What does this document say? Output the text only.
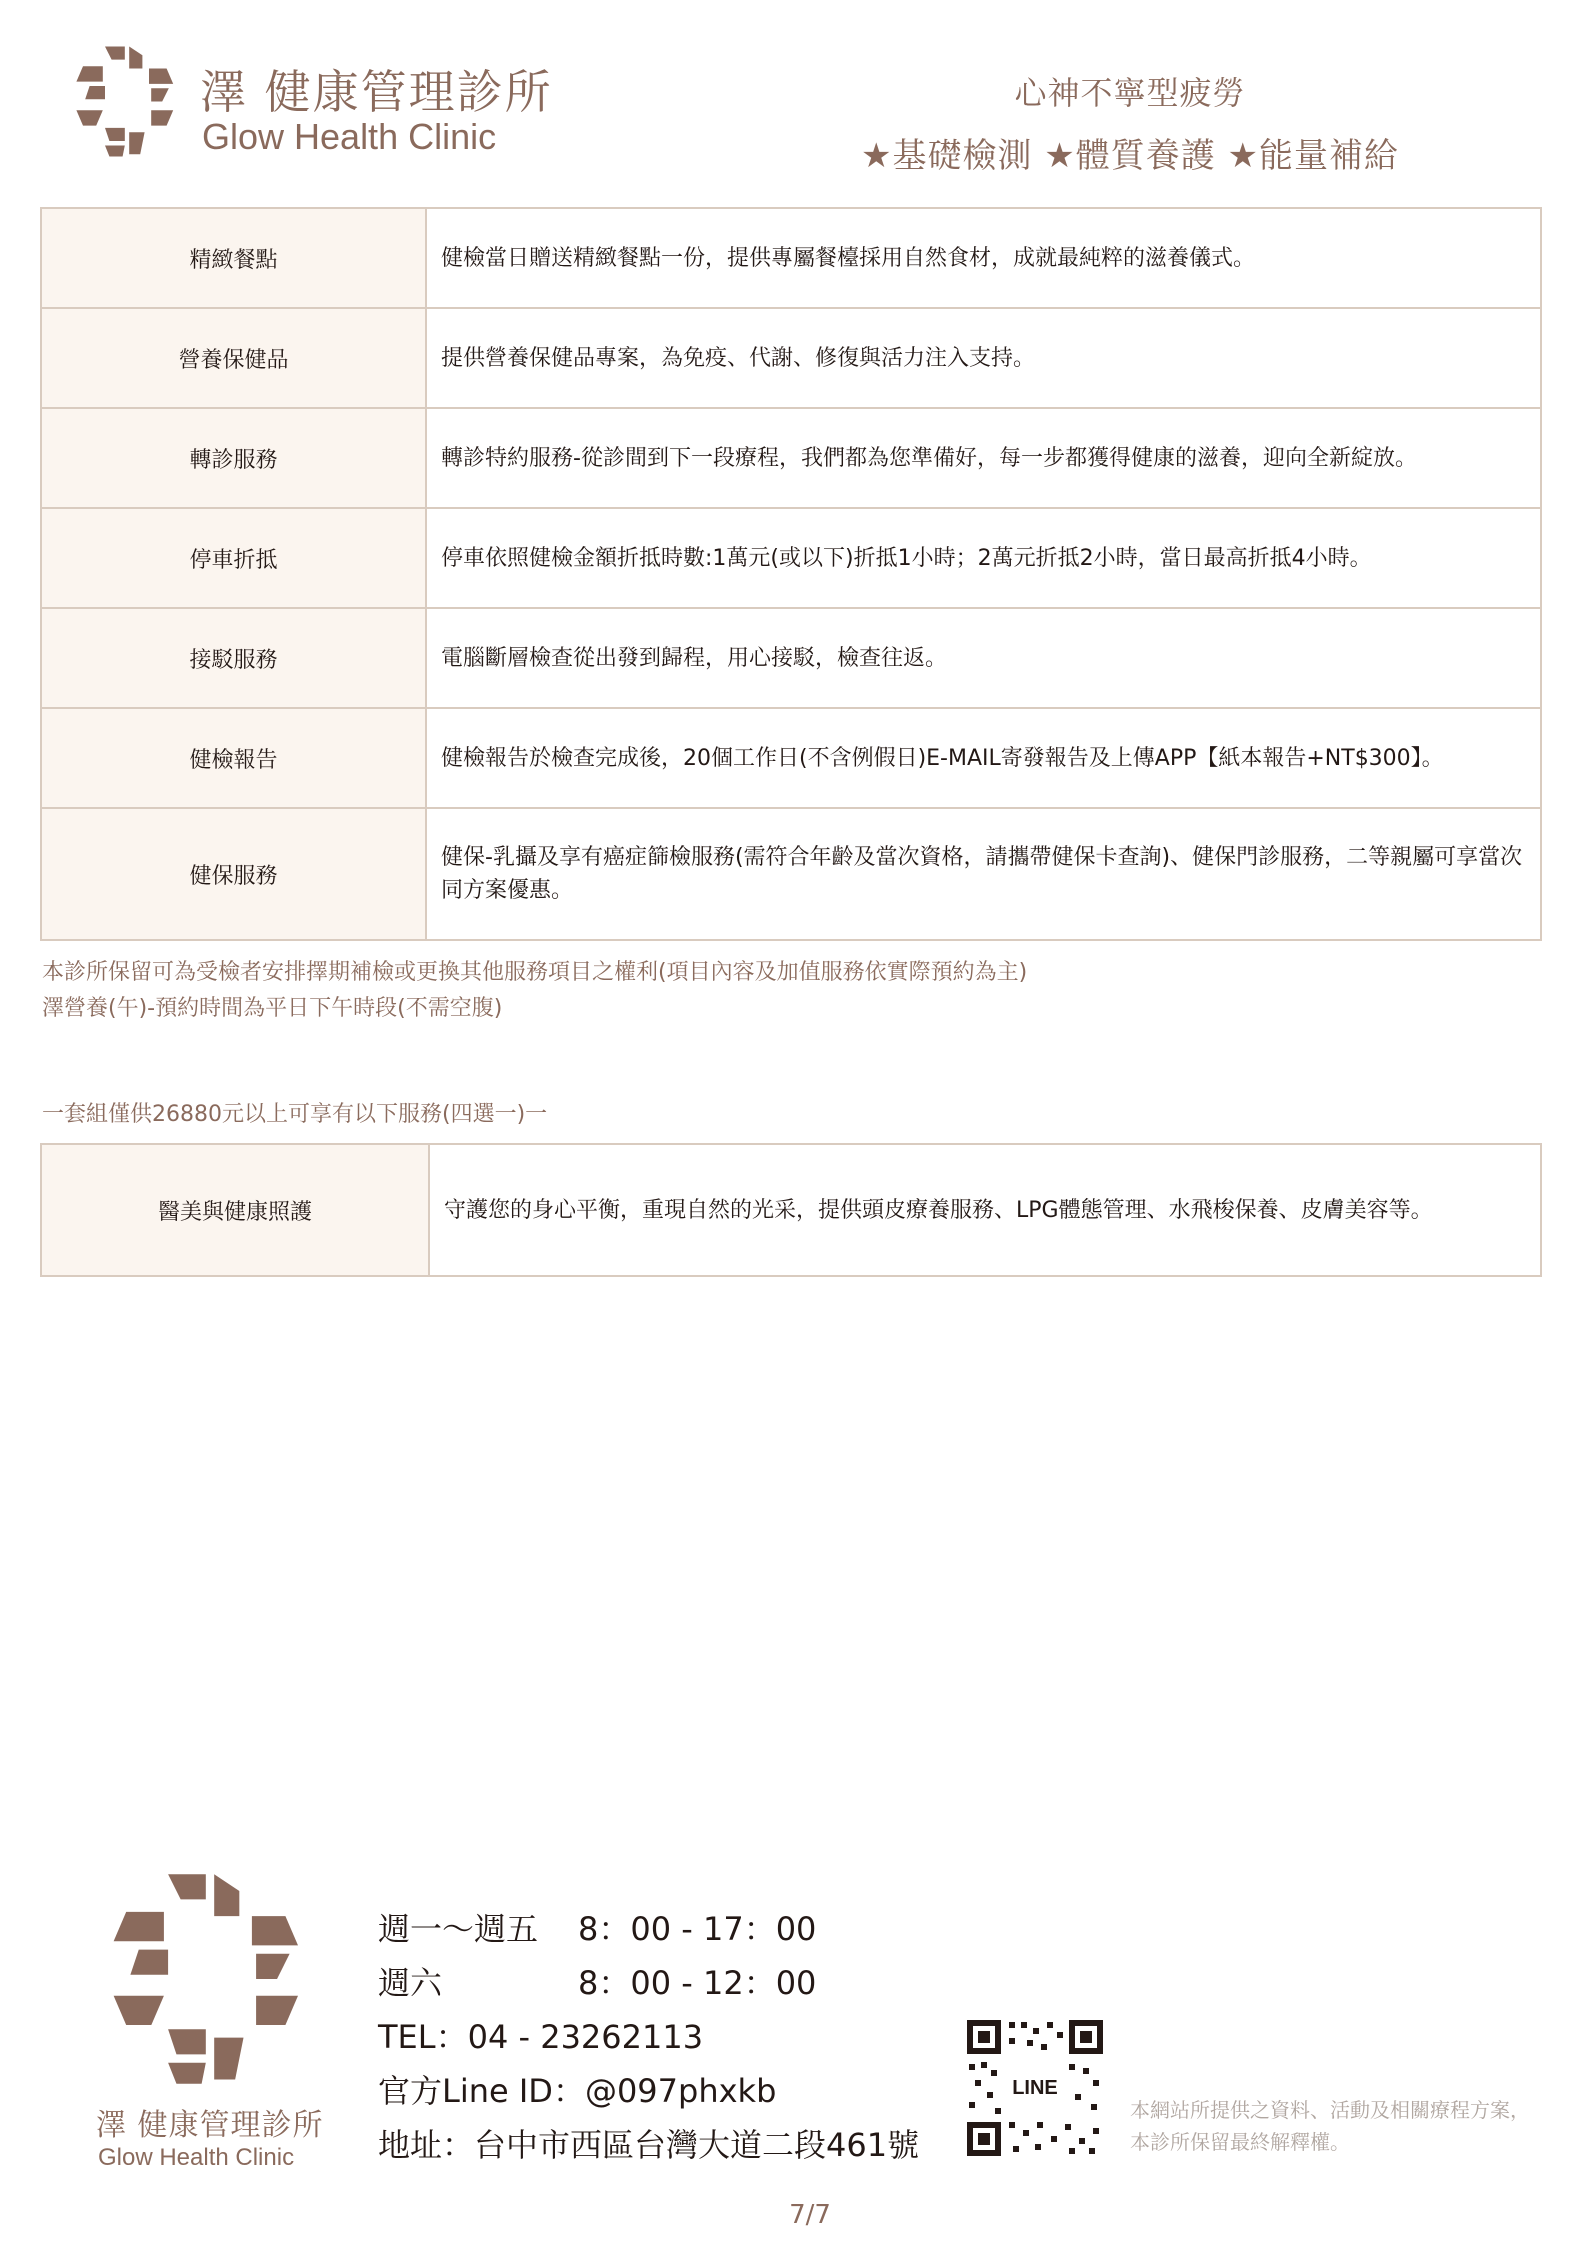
澤 健康管理診所
Glow Health Clinic
心神不寧型疲勞
★基礎檢測 ★體質養護 ★能量補給
精緻餐點	健檢當日贈送精緻餐點一份，提供專屬餐檯採用自然食材，成就最純粹的滋養儀式。
營養保健品	提供營養保健品專案，為免疫、代謝、修復與活力注入支持。
轉診服務	轉診特約服務-從診間到下一段療程，我們都為您準備好，每一步都獲得健康的滋養，迎向全新綻放。
停車折抵	停車依照健檢金額折抵時數:1萬元(或以下)折抵1小時；2萬元折抵2小時，當日最高折抵4小時。
接駁服務	電腦斷層檢查從出發到歸程，用心接駁，檢查往返。
健檢報告	健檢報告於檢查完成後，20個工作日(不含例假日)E-MAIL寄發報告及上傳APP【紙本報告+NT$300】。
健保服務	健保-乳攝及享有癌症篩檢服務(需符合年齡及當次資格，請攜帶健保卡查詢)、健保門診服務，二等親屬可享當次同方案優惠。
本診所保留可為受檢者安排擇期補檢或更換其他服務項目之權利(項目內容及加值服務依實際預約為主)
澤營養(午)-預約時間為平日下午時段(不需空腹)
一套組僅供26880元以上可享有以下服務(四選一)一
醫美與健康照護	守護您的身心平衡，重現自然的光采，提供頭皮療養服務、LPG體態管理、水飛梭保養、皮膚美容等。
澤 健康管理診所
Glow Health Clinic
週一～週五 8：00 - 17：00
週六	8：00 - 12：00
TEL：04 - 23262113
官方Line ID：@097phxkb
地址：台中市西區台灣大道二段461號
LINE
本網站所提供之資料、活動及相關療程方案，
本診所保留最終解釋權。
7/7
